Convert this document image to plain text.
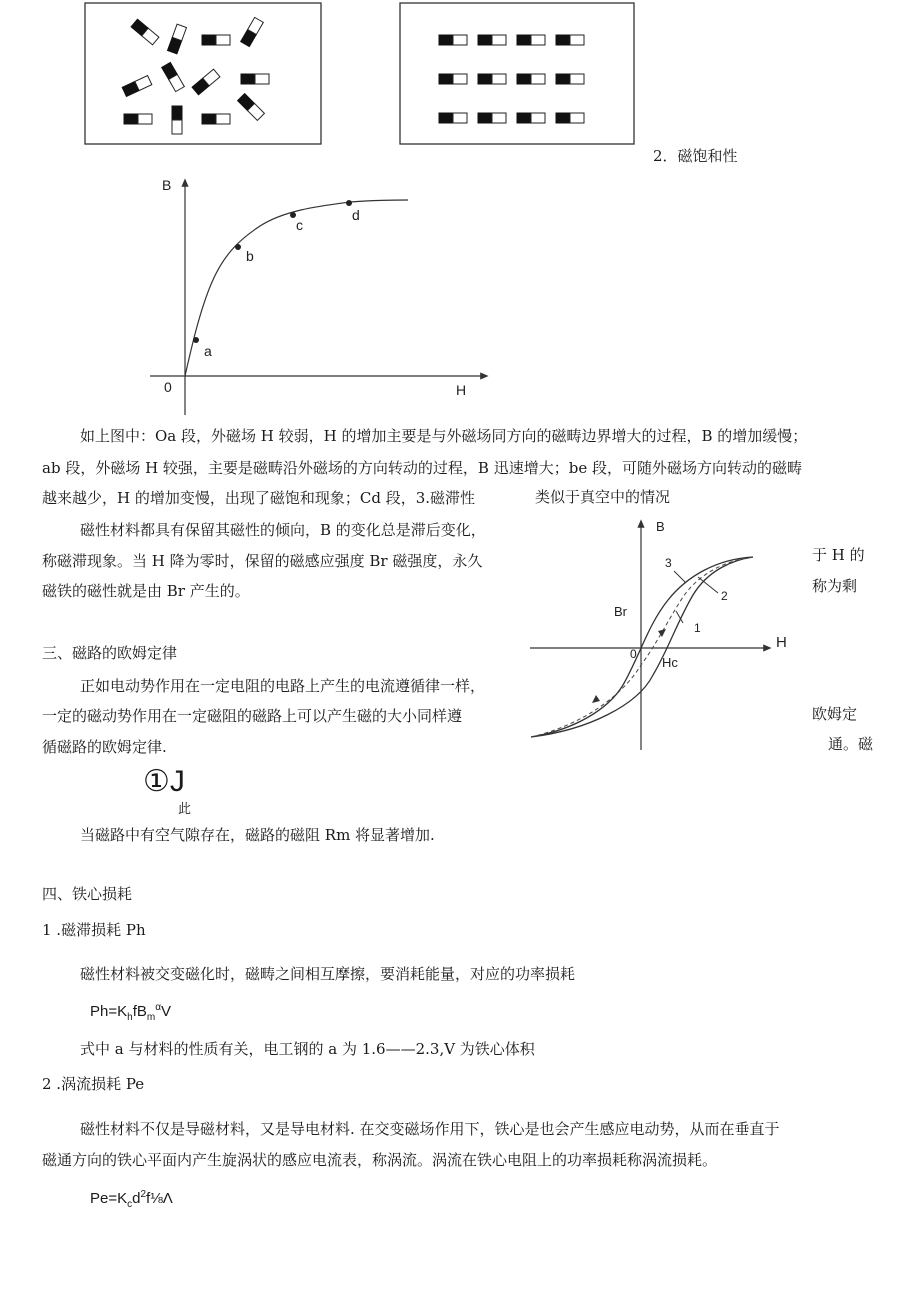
2．磁饱和性
B
H
0
a
b
c
d
如上图中：Oa 段，外磁场 H 较弱，H 的增加主要是与外磁场同方向的磁畴边界增大的过程，B 的增加缓慢；
ab 段，外磁场 H 较强，主要是磁畴沿外磁场的方向转动的过程，B 迅速增大；be 段，可随外磁场方向转动的磁畴
越来越少，H 的增加变慢，出现了磁饱和现象；Cd 段，3.磁滞性	类似于真空中的情况
磁性材料都具有保留其磁性的倾向，B 的变化总是滞后变化，
于 H 的
称磁滞现象。当 H 降为零时，保留的磁感应强度 Br 磁强度，永久
称为剩
磁铁的磁性就是由 Br 产生的。
B
H
0
Br
Hc
1
2
3
三、磁路的欧姆定律
正如电动势作用在一定电阻的电路上产生的电流遵循律一样，
一定的磁动势作用在一定磁阻的磁路上可以产生磁的大小同样遵	欧姆定
循磁路的欧姆定律.	通。磁
①J
此
当磁路中有空气隙存在，磁路的磁阻 Rm 将显著增加.
四、铁心损耗
1 .磁滞损耗 Ph
磁性材料被交变磁化时，磁畴之间相互摩擦，要消耗能量，对应的功率损耗
$Ph=K_hfB_m^\alpha V$
式中 a 与材料的性质有关，电工钢的 a 为 1.6——2.3,V 为铁心体积
2 .涡流损耗 Pe
磁性材料不仅是导磁材料，又是导电材料. 在交变磁场作用下，铁心是也会产生感应电动势，从而在垂直于
磁通方向的铁心平面内产生旋涡状的感应电流表，称涡流。涡流在铁心电阻上的功率损耗称涡流损耗。
$Pe=K_cd^2f\frac{1}{8}\Lambda$
